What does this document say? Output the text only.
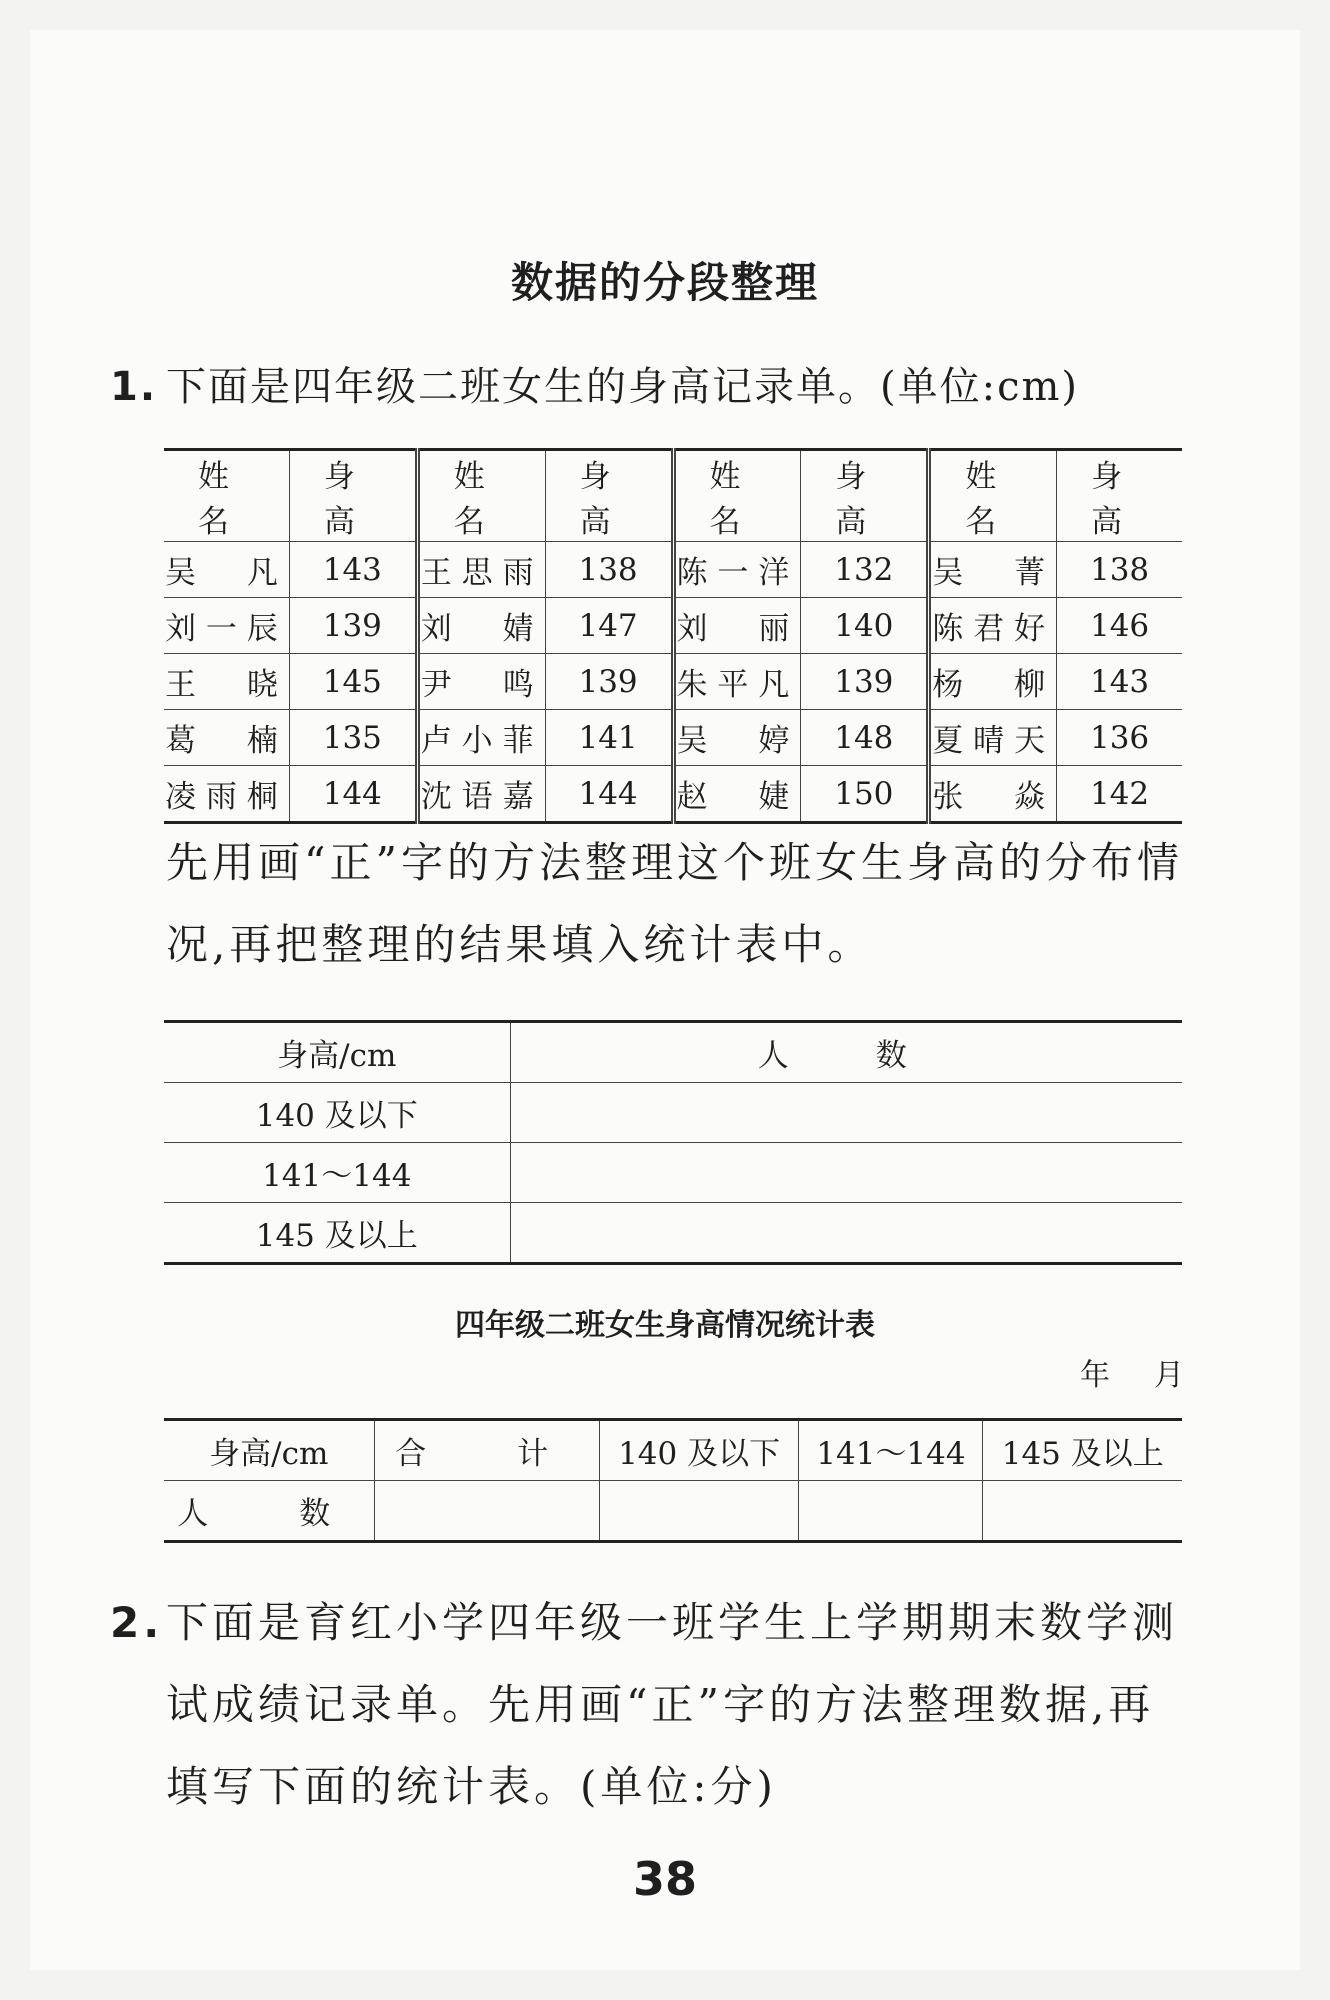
数据的分段整理
1. 下面是四年级二班女生的身高记录单。(单位:cm)
姓　名	身　高	姓　名	身　高	姓　名	身　高	姓　名	身　高
吴　凡	143	王思雨	138	陈一洋	132	吴　菁	138
刘一辰	139	刘　婧	147	刘　丽	140	陈君好	146
王　晓	145	尹　鸣	139	朱平凡	139	杨　柳	143
葛　楠	135	卢小菲	141	吴　婷	148	夏晴天	136
凌雨桐	144	沈语嘉	144	赵　婕	150	张　焱	142
先用画“正”字的方法整理这个班女生身高的分布情
况,再把整理的结果填入统计表中。
身高/cm	人　数
140 及以下	
141～144	
145 及以上	
四年级二班女生身高情况统计表
年 月
身高/cm	合　计	140 及以下	141～144	145 及以上
人　数				
2.下面是育红小学四年级一班学生上学期期末数学测
试成绩记录单。先用画“正”字的方法整理数据,再
填写下面的统计表。(单位:分)
38
